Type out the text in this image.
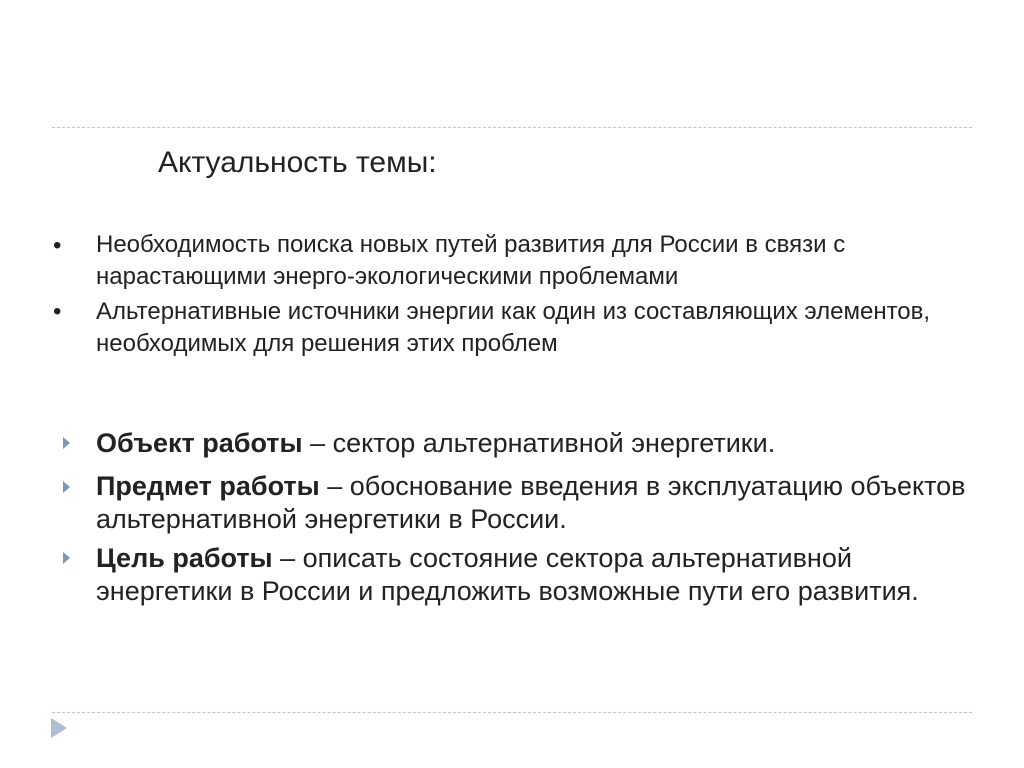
Актуальность темы:
• Необходимость поиска новых путей развития для России в связи с нарастающими энерго-экологическими проблемами
• Альтернативные источники энергии как один из составляющих элементов, необходимых для решения этих проблем
Объект работы – сектор альтернативной энергетики.
Предмет работы – обоснование введения в эксплуатацию объектов альтернативной энергетики в России.
Цель работы – описать состояние сектора альтернативной энергетики в России и предложить возможные пути его развития.
